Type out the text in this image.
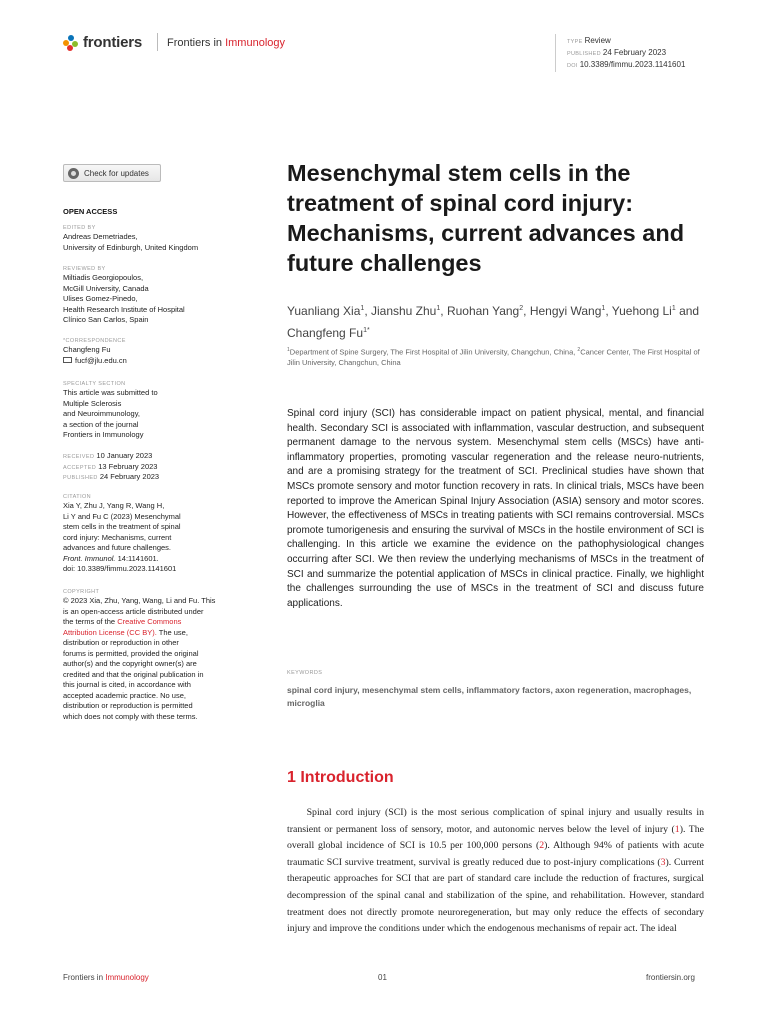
frontiers Frontiers in Immunology	TYPE Review
PUBLISHED 24 February 2023
DOI 10.3389/fimmu.2023.1141601
Check for updates
OPEN ACCESS
EDITED BY
Andreas Demetriades,
University of Edinburgh, United Kingdom
REVIEWED BY
Miltiadis Georgiopoulos,
McGill University, Canada
Ulises Gomez-Pinedo,
Health Research Institute of Hospital
Clínico San Carlos, Spain
*CORRESPONDENCE
Changfeng Fu
fucf@jlu.edu.cn
SPECIALTY SECTION
This article was submitted to
Multiple Sclerosis
and Neuroimmunology,
a section of the journal
Frontiers in Immunology
RECEIVED 10 January 2023
ACCEPTED 13 February 2023
PUBLISHED 24 February 2023
CITATION
Xia Y, Zhu J, Yang R, Wang H,
Li Y and Fu C (2023) Mesenchymal
stem cells in the treatment of spinal
cord injury: Mechanisms, current
advances and future challenges.
Front. Immunol. 14:1141601.
doi: 10.3389/fimmu.2023.1141601
COPYRIGHT
© 2023 Xia, Zhu, Yang, Wang, Li and Fu. This
is an open-access article distributed under
the terms of the Creative Commons
Attribution License (CC BY). The use,
distribution or reproduction in other
forums is permitted, provided the original
author(s) and the copyright owner(s) are
credited and that the original publication in
this journal is cited, in accordance with
accepted academic practice. No use,
distribution or reproduction is permitted
which does not comply with these terms.
Mesenchymal stem cells in the treatment of spinal cord injury: Mechanisms, current advances and future challenges
Yuanliang Xia$^1$, Jianshu Zhu$^1$, Ruohan Yang$^2$, Hengyi Wang$^1$, Yuehong Li$^1$ and Changfeng $Fu^{1*}$
$^1$Department of Spine Surgery, The First Hospital of Jilin University, Changchun, China, $^2$Cancer Center, The First Hospital of Jilin University, Changchun, China

Spinal cord injury (SCI) has considerable impact on patient physical, mental, and financial health. Secondary SCI is associated with inflammation, vascular destruction, and subsequent permanent damage to the nervous system. Mesenchymal stem cells (MSCs) have anti-inflammatory properties, promoting vascular regeneration and the release neuro-nutrients, and are a promising strategy for the treatment of SCI. Preclinical studies have shown that MSCs promote sensory and motor function recovery in rats. In clinical trials, MSCs have been reported to improve the American Spinal Injury Association (ASIA) sensory and motor scores. However, the effectiveness of MSCs in treating patients with SCI remains controversial. MSCs promote tumorigenesis and ensuring the survival of MSCs in the hostile environment of SCI is challenging. In this article we examine the evidence on the pathophysiological changes occurring after SCI. We then review the underlying mechanisms of MSCs in the treatment of SCI and summarize the potential application of MSCs in clinical practice. Finally, we highlight the challenges surrounding the use of MSCs in the treatment of SCI and discuss future applications.

KEYWORDS
spinal cord injury, mesenchymal stem cells, inflammatory factors, axon regeneration, macrophages, microglia
1 Introduction

  Spinal cord injury (SCI) is the most serious complication of spinal injury and usually results in transient or permanent loss of sensory, motor, and autonomic nerves below the level of injury (1). The overall global incidence of SCI is 10.5 per 100,000 persons (2). Although 94% of patients with acute traumatic SCI survive treatment, survival is greatly reduced due to post-injury complications (3). Current therapeutic approaches for SCI that are part of standard care include the reduction of fractures, surgical decompression of the spinal canal and stabilization of the spine, and rehabilitation. However, standard treatment does not directly promote neuroregeneration, but may only reduce the effects of secondary injury and improve the conditions under which the endogenous mechanisms of repair act. The ideal

Frontiers in Immunology	01	frontiersin.org
